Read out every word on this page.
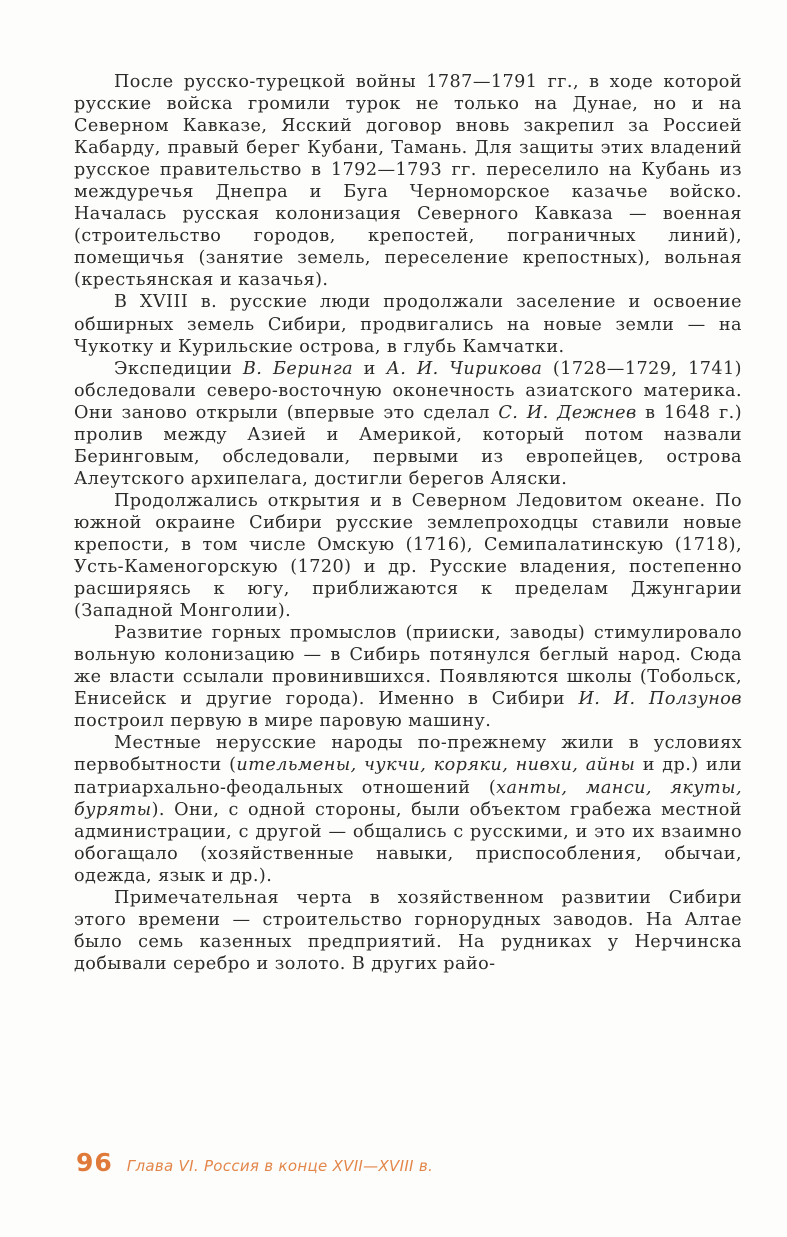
После русско-турецкой войны 1787—1791 гг., в ходе которой русские войска громили турок не только на Дунае, но и на Северном Кавказе, Ясский договор вновь закрепил за Россией Кабарду, правый берег Кубани, Тамань. Для защиты этих владений русское правительство в 1792—1793 гг. переселило на Кубань из междуречья Днепра и Буга Черноморское казачье войско. Началась русская колонизация Северного Кавказа — военная (строительство городов, крепостей, пограничных линий), помещичья (занятие земель, переселение крепостных), вольная (крестьянская и казачья).

В XVIII в. русские люди продолжали заселение и освоение обширных земель Сибири, продвигались на новые земли — на Чукотку и Курильские острова, в глубь Камчатки.

Экспедиции В. Беринга и А. И. Чирикова (1728—1729, 1741) обследовали северо-восточную оконечность азиатского материка. Они заново открыли (впервые это сделал С. И. Дежнев в 1648 г.) пролив между Азией и Америкой, который потом назвали Беринговым, обследовали, первыми из европейцев, острова Алеутского архипелага, достигли берегов Аляски.

Продолжались открытия и в Северном Ледовитом океане. По южной окраине Сибири русские землепроходцы ставили новые крепости, в том числе Омскую (1716), Семипалатинскую (1718), Усть-Каменогорскую (1720) и др. Русские владения, постепенно расширяясь к югу, приближаются к пределам Джунгарии (Западной Монголии).

Развитие горных промыслов (прииски, заводы) стимулировало вольную колонизацию — в Сибирь потянулся беглый народ. Сюда же власти ссылали провинившихся. Появляются школы (Тобольск, Енисейск и другие города). Именно в Сибири И. И. Ползунов построил первую в мире паровую машину.

Местные нерусские народы по-прежнему жили в условиях первобытности (ительмены, чукчи, коряки, нивхи, айны и др.) или патриархально-феодальных отношений (ханты, манси, якуты, буряты). Они, с одной стороны, были объектом грабежа местной администрации, с другой — общались с русскими, и это их взаимно обогащало (хозяйственные навыки, приспособления, обычаи, одежда, язык и др.).

Примечательная черта в хозяйственном развитии Сибири этого времени — строительство горнорудных заводов. На Алтае было семь казенных предприятий. На рудниках у Нерчинска добывали серебро и золото. В других райо-

96 Глава VI. Россия в конце XVII—XVIII в.
